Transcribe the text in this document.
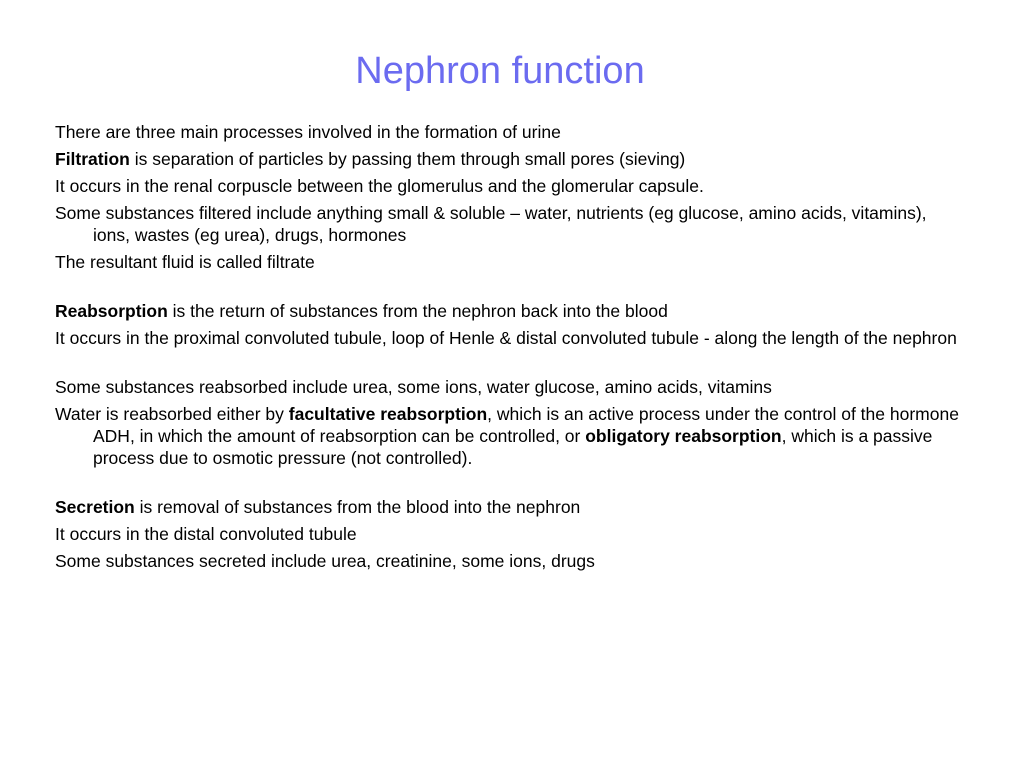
Nephron function

There are three main processes involved in the formation of urine

Filtration is separation of particles by passing them through small pores (sieving)

It occurs in the renal corpuscle between the glomerulus and the glomerular capsule.

Some substances filtered include anything small & soluble – water, nutrients (eg glucose, amino acids, vitamins), ions, wastes (eg urea), drugs, hormones

The resultant fluid is called filtrate

Reabsorption is the return of substances from the nephron back into the blood

It occurs in the proximal convoluted tubule, loop of Henle & distal convoluted tubule - along the length of the nephron

Some substances reabsorbed include urea, some ions, water glucose, amino acids, vitamins

Water is reabsorbed either by facultative reabsorption, which is an active process under the control of the hormone ADH, in which the amount of reabsorption can be controlled, or obligatory reabsorption, which is a passive process due to osmotic pressure (not controlled).

Secretion is removal of substances from the blood into the nephron

It occurs in the distal convoluted tubule

Some substances secreted include urea, creatinine, some ions, drugs
